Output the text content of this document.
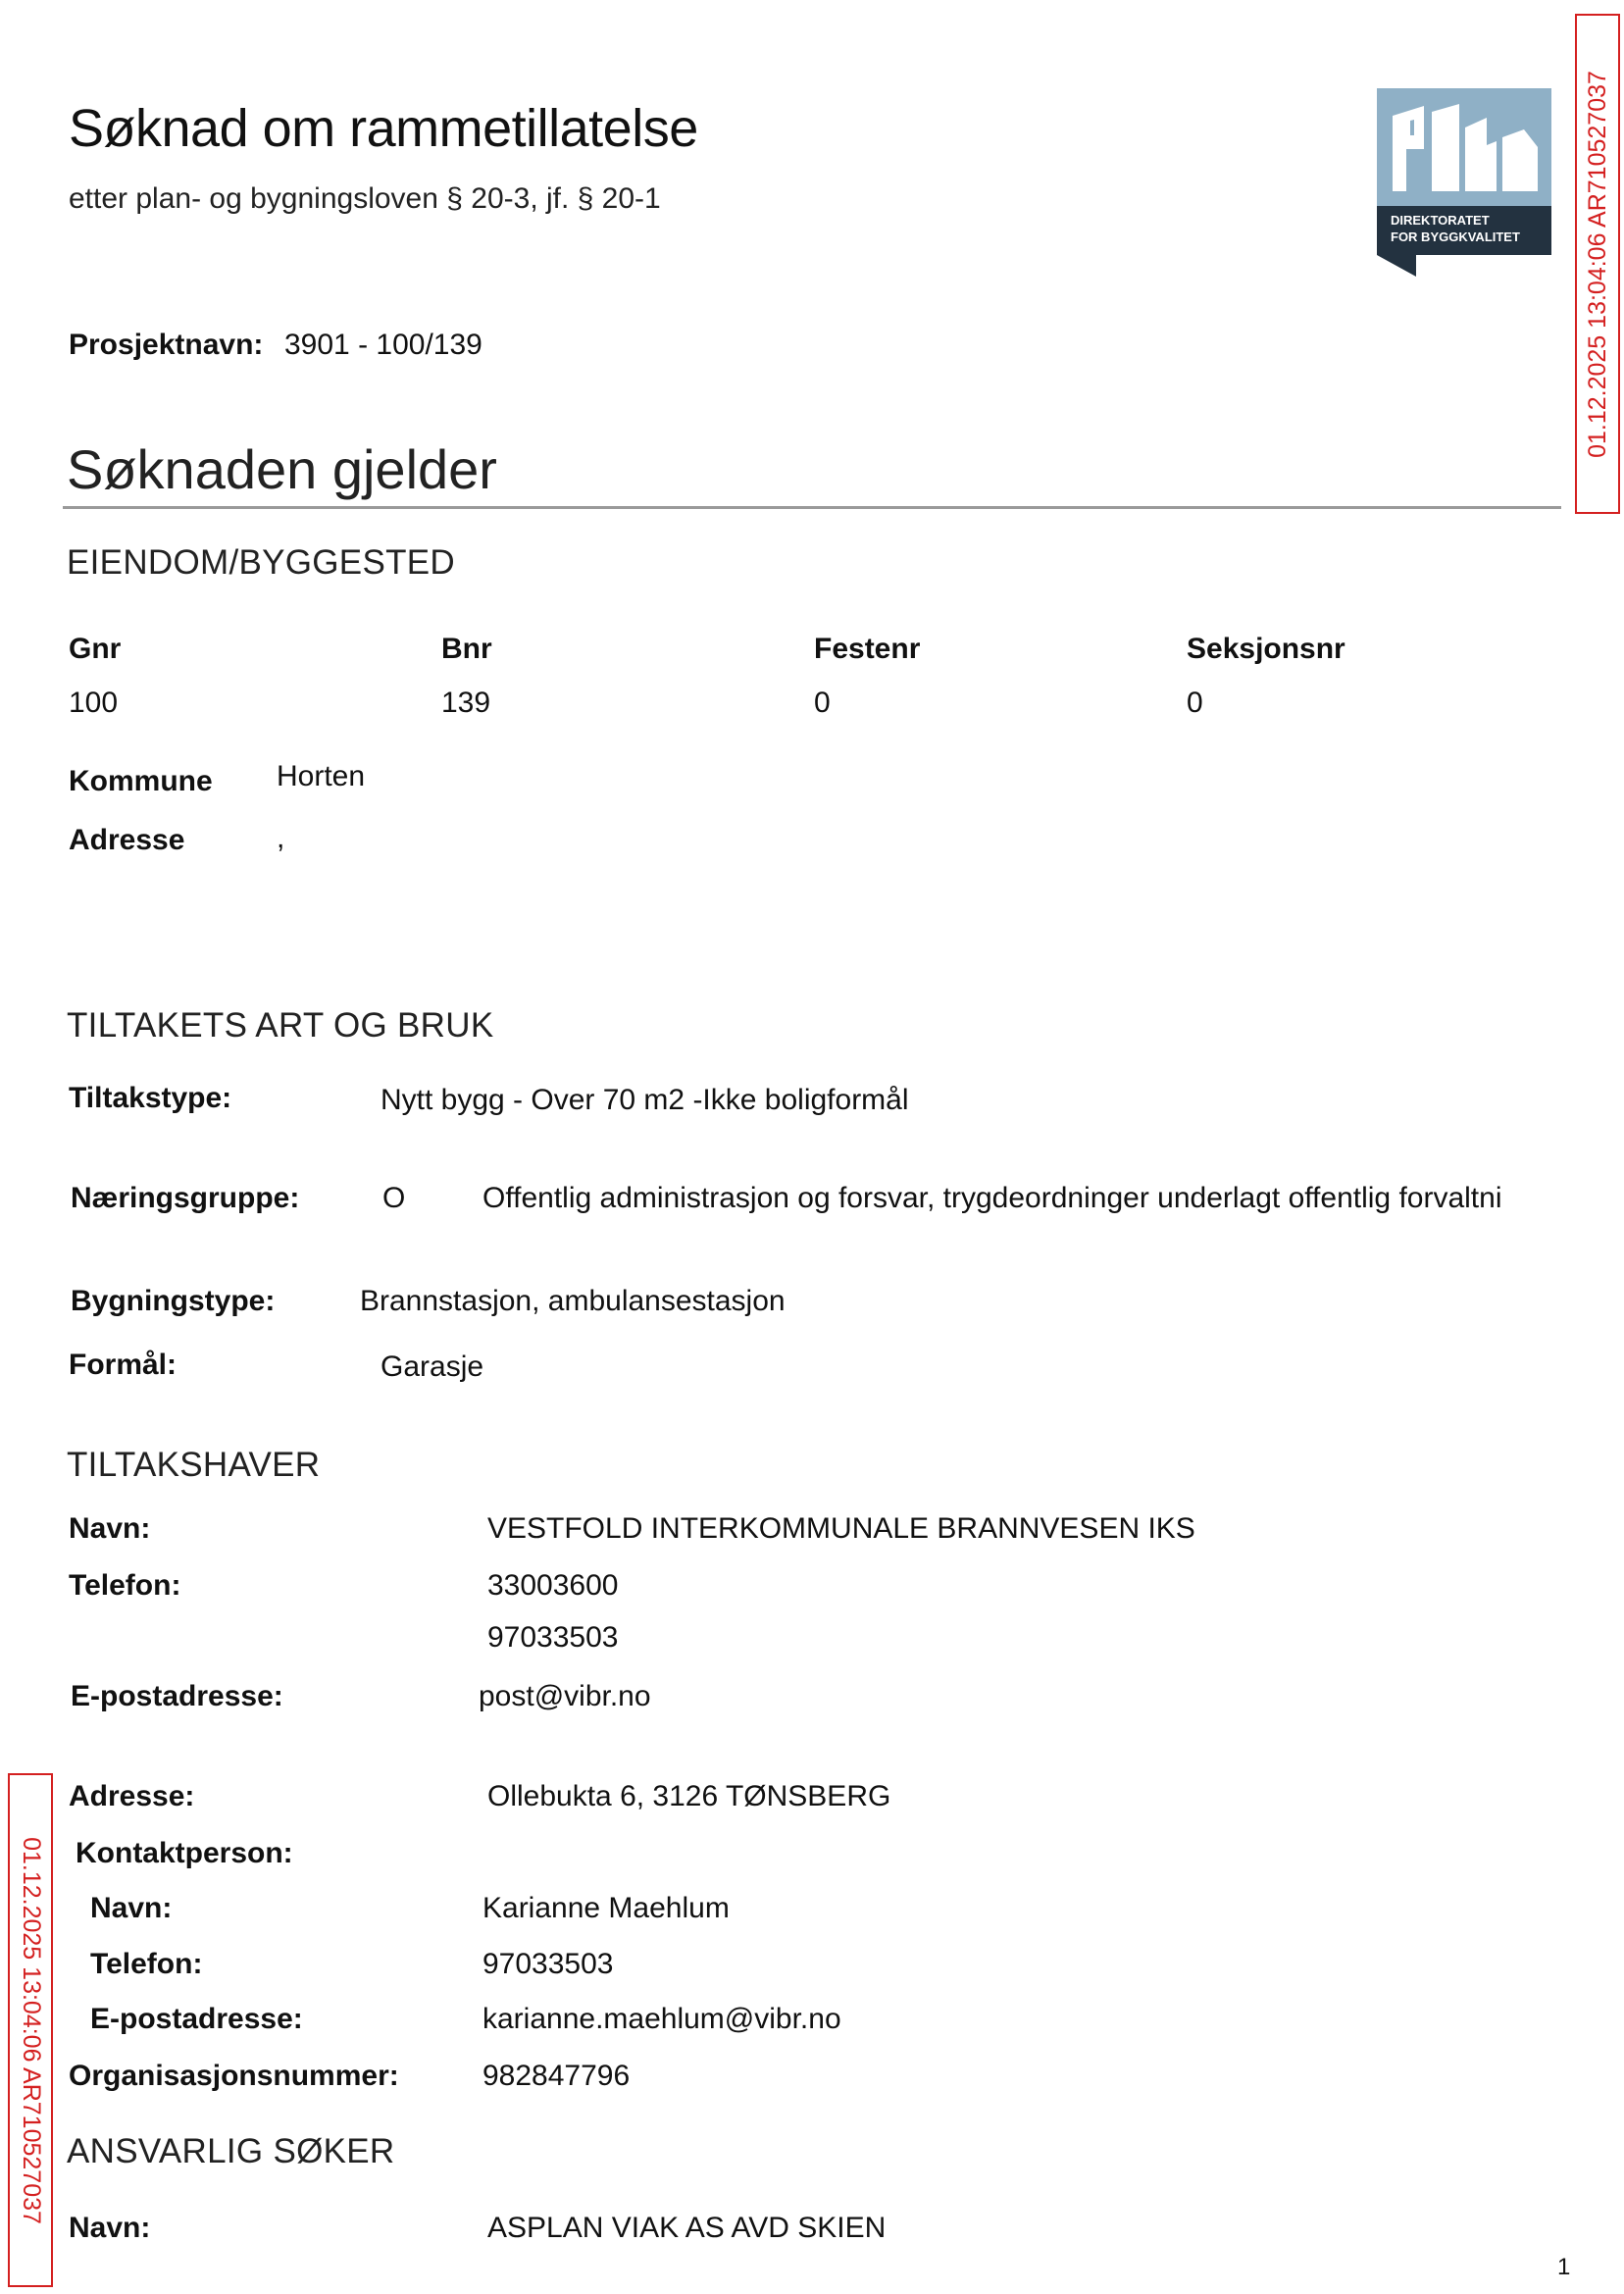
Søknad om rammetillatelse
etter plan- og bygningsloven § 20-3, jf. § 20-1
DIREKTORATET
FOR BYGGKVALITET	01.12.2025 13:04:06 AR710527037
01.12.2025 13:04:06 AR710527037
Prosjektnavn: 3901 - 100/139
Søknaden gjelder
EIENDOM/BYGGESTED
Gnr	Bnr	Festenr	Seksjonsnr
100	139	0	0
Kommune Horten
Adresse	,
TILTAKETS ART OG BRUK
Tiltakstype:	Nytt bygg - Over 70 m2 -Ikke boligformål
Næringsgruppe:	O	Offentlig administrasjon og forsvar, trygdeordninger underlagt offentlig forvaltni
Bygningstype:	Brannstasjon, ambulansestasjon
Formål:	Garasje
TILTAKSHAVER
Navn:	VESTFOLD INTERKOMMUNALE BRANNVESEN IKS
Telefon:	33003600
97033503
E-postadresse:	post@vibr.no
Adresse:	Ollebukta 6, 3126 TØNSBERG
Kontaktperson:
Navn:	Karianne Maehlum
Telefon:	97033503
E-postadresse:	karianne.maehlum@vibr.no
Organisasjonsnummer:	982847796
ANSVARLIG SØKER
Navn:	ASPLAN VIAK AS AVD SKIEN
1
